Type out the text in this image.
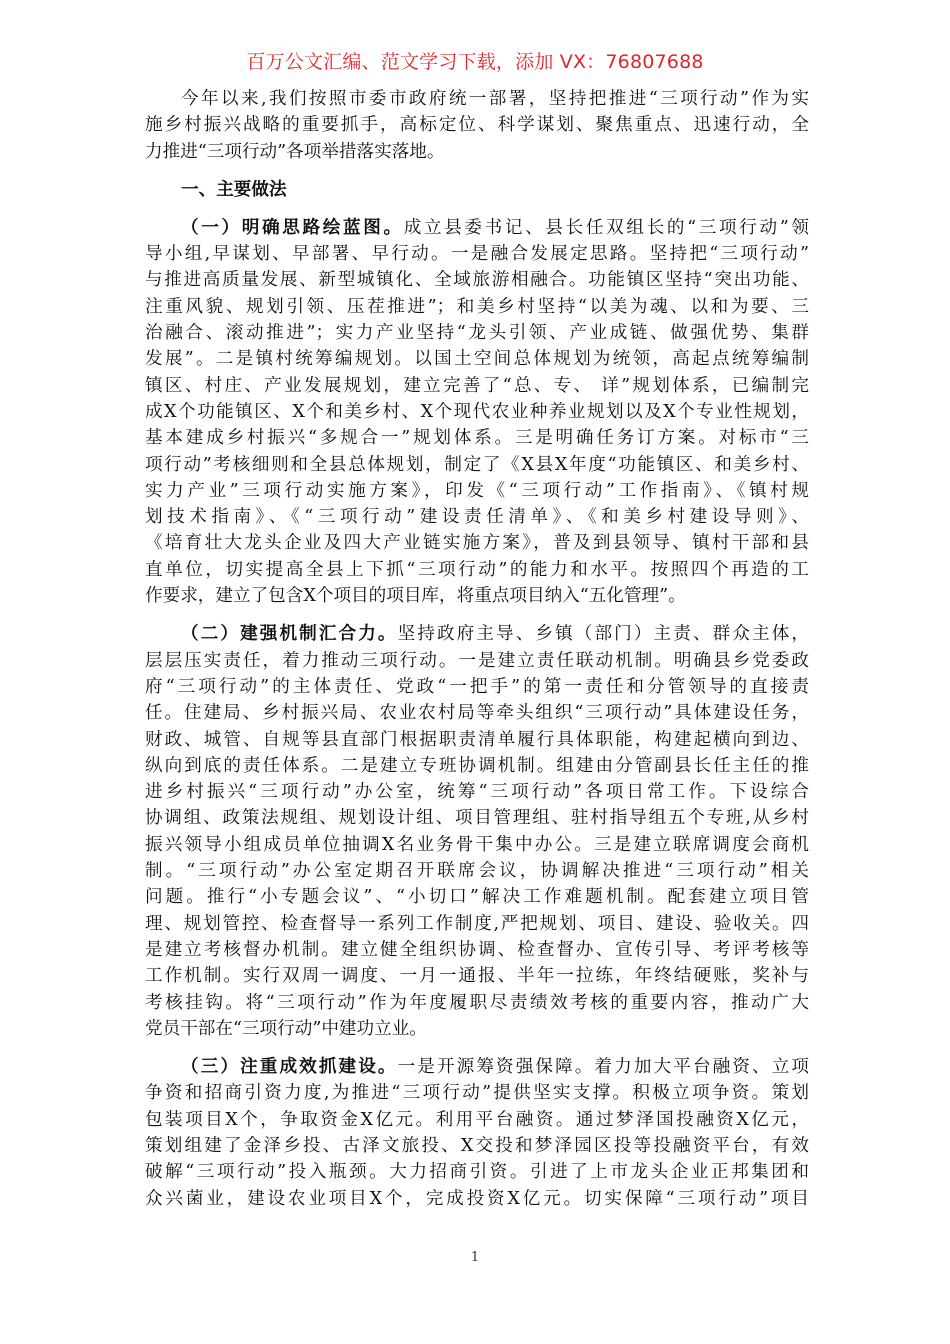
百万公文汇编、范文学习下载，添加 VX：76807688
今年以来,我们按照市委市政府统一部署，坚持把推进“三项行动”作为实
施乡村振兴战略的重要抓手，高标定位、科学谋划、聚焦重点、迅速行动，全
力推进“三项行动”各项举措落实落地。
一、主要做法
（一）明确思路绘蓝图。成立县委书记、县长任双组长的“三项行动”领
导小组,早谋划、早部署、早行动。一是融合发展定思路。坚持把“三项行动”
与推进高质量发展、新型城镇化、全域旅游相融合。功能镇区坚持“突出功能、
注重风貌、规划引领、压茬推进”；和美乡村坚持“以美为魂、以和为要、三
治融合、滚动推进”；实力产业坚持“龙头引领、产业成链、做强优势、集群
发展”。二是镇村统筹编规划。以国土空间总体规划为统领，高起点统筹编制
镇区、村庄、产业发展规划，建立完善了“总、专、 详”规划体系，已编制完
成X个功能镇区、X个和美乡村、X个现代农业种养业规划以及X个专业性规划，
基本建成乡村振兴“多规合一”规划体系。三是明确任务订方案。对标市“三
项行动”考核细则和全县总体规划，制定了《X县X年度“功能镇区、和美乡村、
实力产业”三项行动实施方案》，印发《“三项行动”工作指南》、《镇村规
划技术指南》、《“三项行动”建设责任清单》、《和美乡村建设导则》、
《培育壮大龙头企业及四大产业链实施方案》，普及到县领导、镇村干部和县
直单位，切实提高全县上下抓“三项行动”的能力和水平。按照四个再造的工
作要求，建立了包含X个项目的项目库，将重点项目纳入“五化管理”。
（二）建强机制汇合力。坚持政府主导、乡镇（部门）主责、群众主体，
层层压实责任，着力推动三项行动。一是建立责任联动机制。明确县乡党委政
府“三项行动”的主体责任、党政“一把手”的第一责任和分管领导的直接责
任。住建局、乡村振兴局、农业农村局等牵头组织“三项行动”具体建设任务，
财政、城管、自规等县直部门根据职责清单履行具体职能，构建起横向到边、
纵向到底的责任体系。二是建立专班协调机制。组建由分管副县长任主任的推
进乡村振兴“三项行动”办公室，统筹“三项行动”各项日常工作。下设综合
协调组、政策法规组、规划设计组、项目管理组、驻村指导组五个专班,从乡村
振兴领导小组成员单位抽调X名业务骨干集中办公。三是建立联席调度会商机
制。“三项行动”办公室定期召开联席会议，协调解决推进“三项行动”相关
问题。推行“小专题会议”、“小切口”解决工作难题机制。配套建立项目管
理、规划管控、检查督导一系列工作制度,严把规划、项目、建设、验收关。四
是建立考核督办机制。建立健全组织协调、检查督办、宣传引导、考评考核等
工作机制。实行双周一调度、一月一通报、半年一拉练，年终结硬账，奖补与
考核挂钩。将“三项行动”作为年度履职尽责绩效考核的重要内容，推动广大
党员干部在“三项行动”中建功立业。
（三）注重成效抓建设。一是开源筹资强保障。着力加大平台融资、立项
争资和招商引资力度,为推进“三项行动”提供坚实支撑。积极立项争资。策划
包装项目X个，争取资金X亿元。利用平台融资。通过梦泽国投融资X亿元，
策划组建了金泽乡投、古泽文旅投、X交投和梦泽园区投等投融资平台，有效
破解“三项行动”投入瓶颈。大力招商引资。引进了上市龙头企业正邦集团和
众兴菌业，建设农业项目X个，完成投资X亿元。切实保障“三项行动”项目
1
